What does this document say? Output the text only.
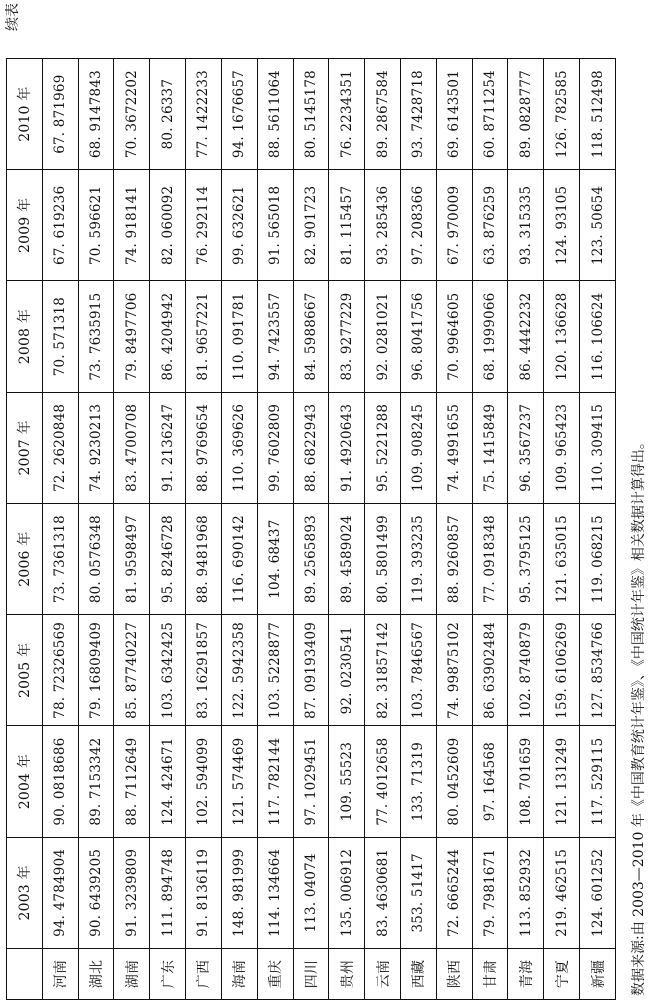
	2003 年	2004 年	2005 年	2006 年	2007 年	2008 年	2009 年	2010 年
河南	94. 4784904	90. 0818686	78. 72326569	73. 7361318	72. 2620848	70. 571318	67. 619236	67. 871969
湖北	90. 6439205	89. 7153342	79. 16809409	80. 0576348	74. 9230213	73. 7635915	70. 596621	68. 9147843
湖南	91. 3239809	88. 7112649	85. 87740227	81. 9598497	83. 4700708	79. 8497706	74. 918141	70. 3672202
广东	111. 894748	124. 424671	103. 6342425	95. 8246728	91. 2136247	86. 4204942	82. 060092	80. 26337
广西	91. 8136119	102. 594099	83. 16291857	88. 9481968	88. 9769654	81. 9657221	76. 292114	77. 1422233
海南	148. 981999	121. 574469	122. 5942358	116. 690142	110. 369626	110. 091781	99. 632621	94. 1676657
重庆	114. 134664	117. 782144	103. 5228877	104. 68437	99. 7602809	94. 7423557	91. 565018	88. 5611064
四川	113. 04074	97. 1029451	87. 09193409	89. 2565893	88. 6822943	84. 5988667	82. 901723	80. 5145178
贵州	135. 006912	109. 55523	92. 0230541	89. 4589024	91. 4920643	83. 9277229	81. 115457	76. 2234351
云南	83. 4630681	77. 4012658	82. 31857142	80. 5801499	95. 5221288	92. 0281021	93. 285436	89. 2867584
西藏	353. 51417	133. 71319	103. 7846567	119. 393235	109. 908245	96. 8041756	97. 208366	93. 7428718
陕西	72. 6665244	80. 0452609	74. 99875102	88. 9260857	74. 4991655	70. 9964605	67. 970009	69. 6143501
甘肃	79. 7981671	97. 164568	86. 63902484	77. 0918348	75. 1415849	68. 1999066	63. 876259	60. 8711254
青海	113. 852932	108. 701659	102. 8740879	95. 3795125	96. 3567237	86. 4442232	93. 315335	89. 0828777
宁夏	219. 462515	121. 131249	159. 6106269	121. 635015	109. 965423	120. 136628	124. 93105	126. 782585
新疆	124. 601252	117. 529115	127. 8534766	119. 068215	110. 309415	116. 106624	123. 50654	118. 512498
续表
数据来源:由 2003—2010 年《中国教育统计年鉴》、《中国统计年鉴》相关数据计算得出。
